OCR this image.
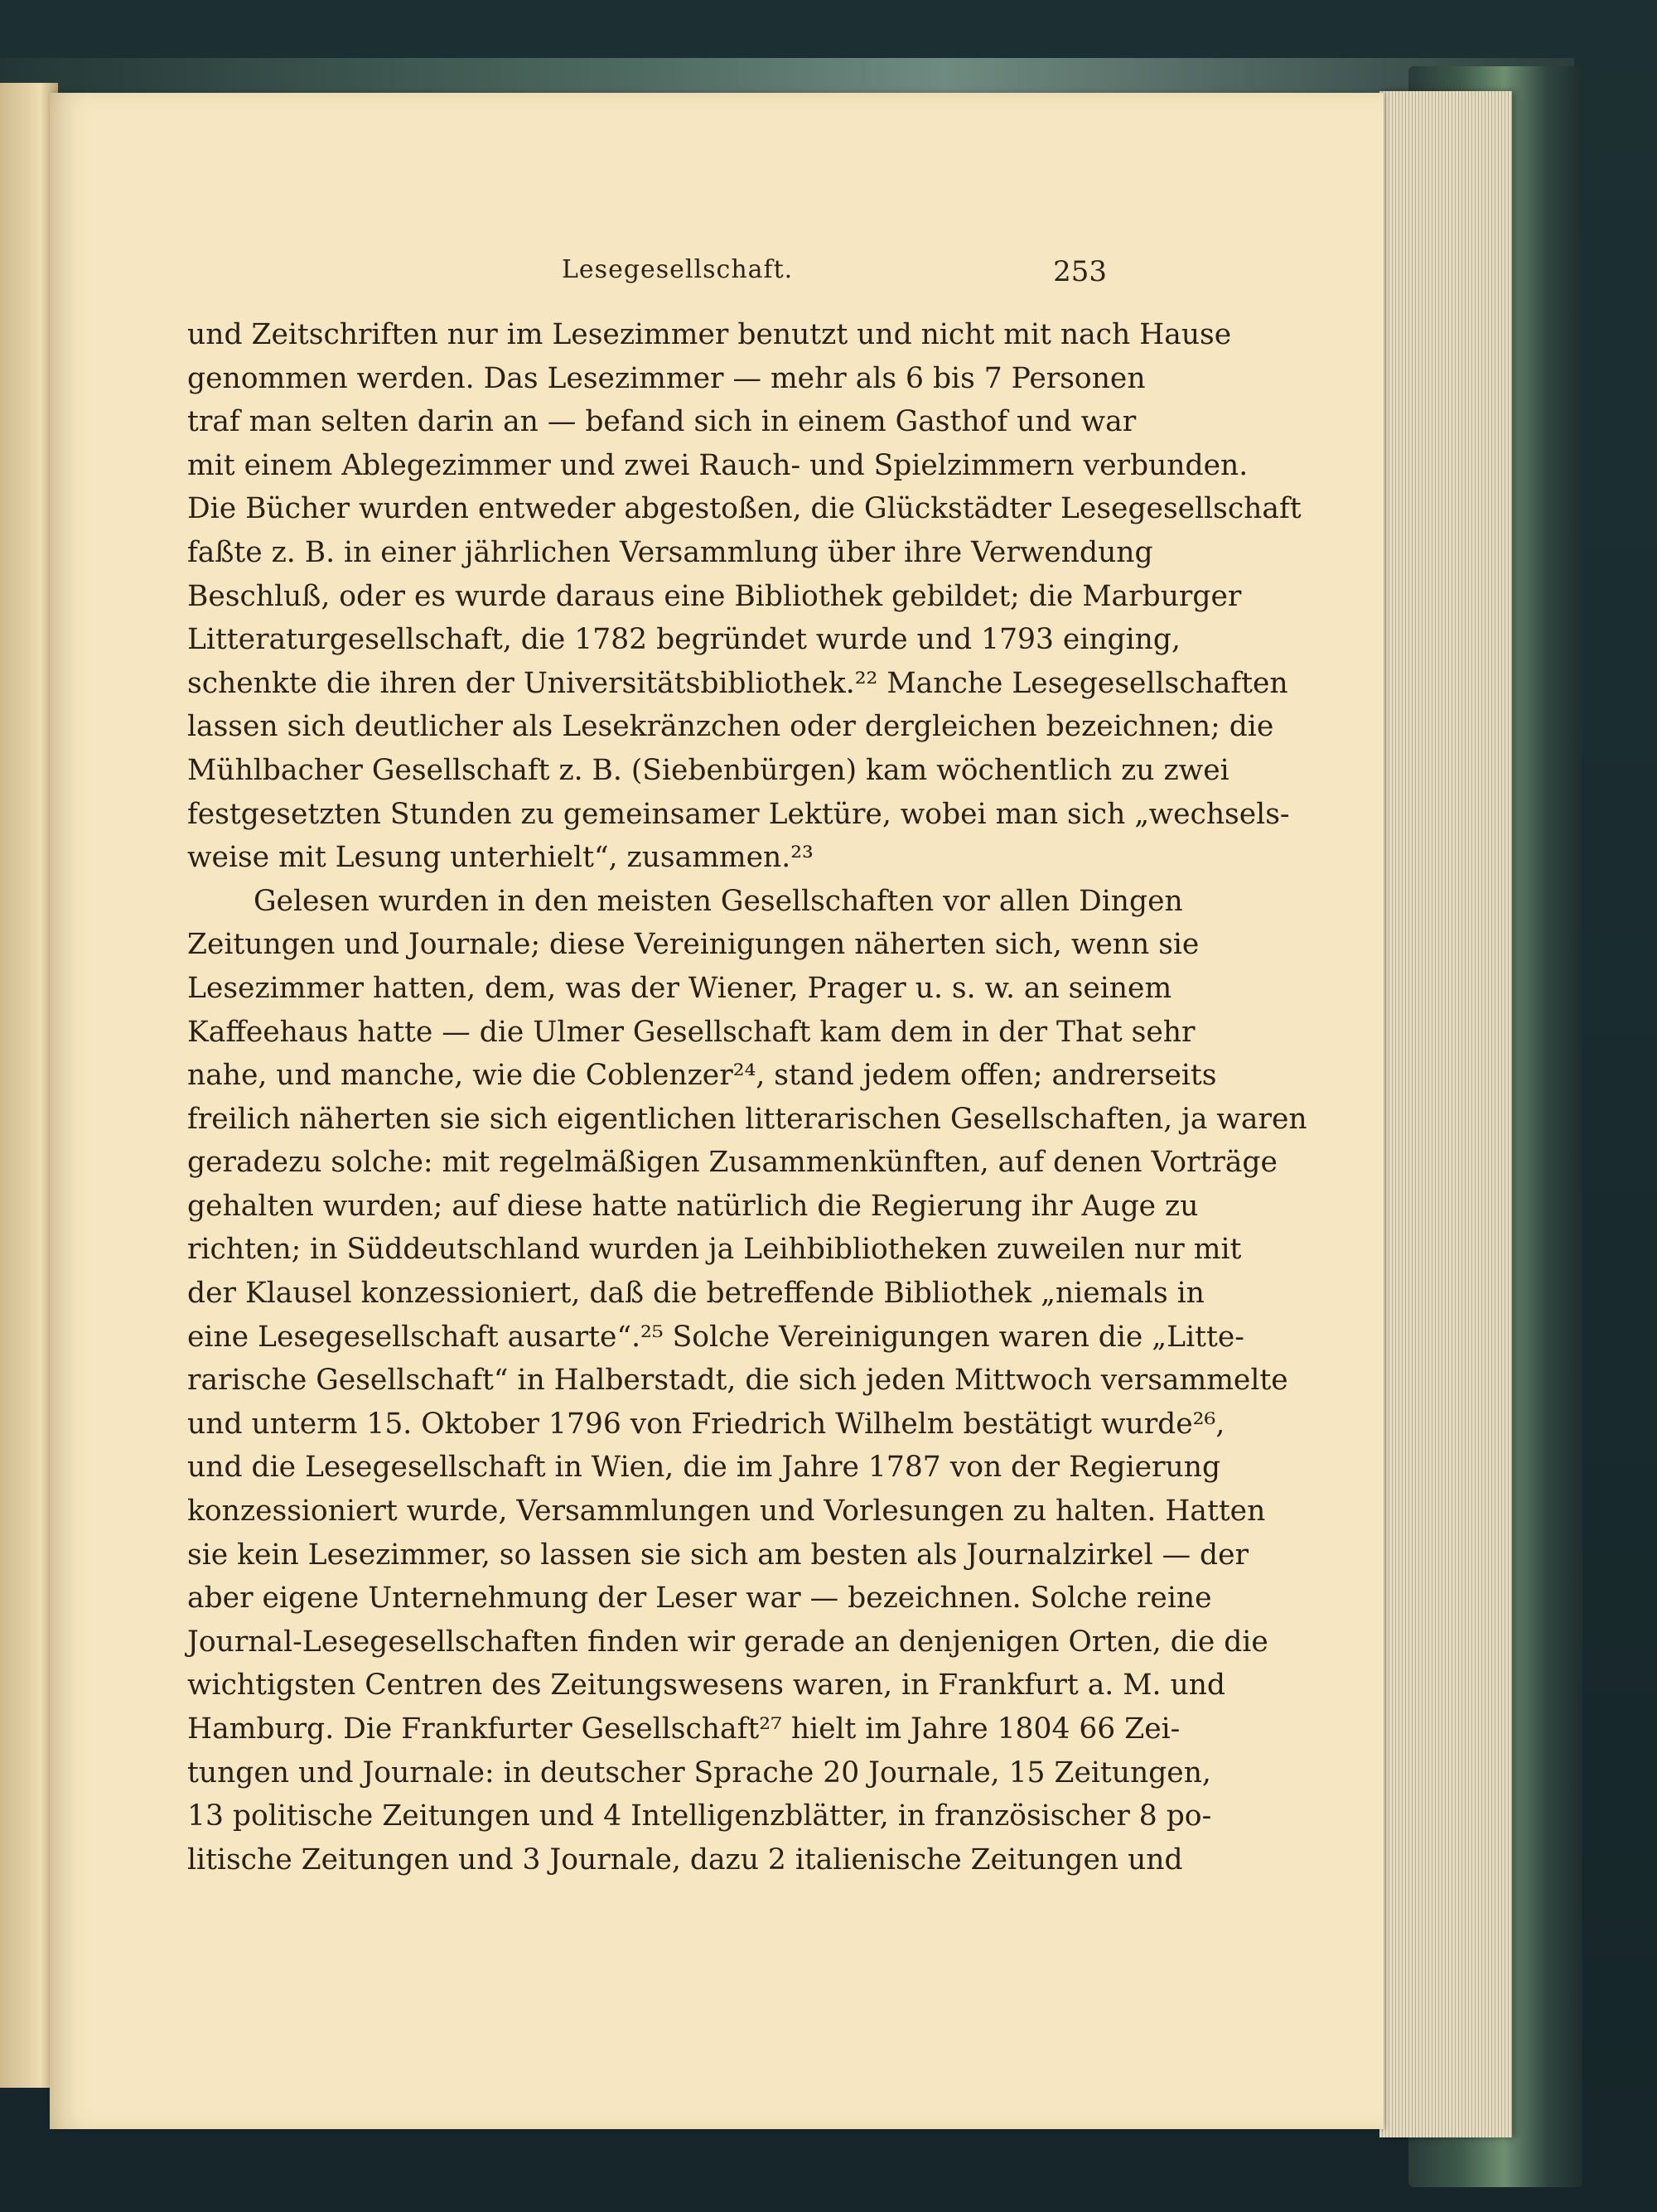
Lesegesellschaft.	253
und Zeitschriften nur im Lesezimmer benutzt und nicht mit nach Hause
genommen werden. Das Lesezimmer — mehr als 6 bis 7 Personen
traf man selten darin an — befand sich in einem Gasthof und war
mit einem Ablegezimmer und zwei Rauch- und Spielzimmern verbunden.
Die Bücher wurden entweder abgestoßen, die Glückstädter Lesegesellschaft
faßte z. B. in einer jährlichen Versammlung über ihre Verwendung
Beschluß, oder es wurde daraus eine Bibliothek gebildet; die Marburger
Litteraturgesellschaft, die 1782 begründet wurde und 1793 einging,
schenkte die ihren der Universitätsbibliothek.²² Manche Lesegesellschaften
lassen sich deutlicher als Lesekränzchen oder dergleichen bezeichnen; die
Mühlbacher Gesellschaft z. B. (Siebenbürgen) kam wöchentlich zu zwei
festgesetzten Stunden zu gemeinsamer Lektüre, wobei man sich „wechsels-
weise mit Lesung unterhielt“, zusammen.²³
Gelesen wurden in den meisten Gesellschaften vor allen Dingen
Zeitungen und Journale; diese Vereinigungen näherten sich, wenn sie
Lesezimmer hatten, dem, was der Wiener, Prager u. s. w. an seinem
Kaffeehaus hatte — die Ulmer Gesellschaft kam dem in der That sehr
nahe, und manche, wie die Coblenzer²⁴, stand jedem offen; andrerseits
freilich näherten sie sich eigentlichen litterarischen Gesellschaften, ja waren
geradezu solche: mit regelmäßigen Zusammenkünften, auf denen Vorträge
gehalten wurden; auf diese hatte natürlich die Regierung ihr Auge zu
richten; in Süddeutschland wurden ja Leihbibliotheken zuweilen nur mit
der Klausel konzessioniert, daß die betreffende Bibliothek „niemals in
eine Lesegesellschaft ausarte“.²⁵ Solche Vereinigungen waren die „Litte-
rarische Gesellschaft“ in Halberstadt, die sich jeden Mittwoch versammelte
und unterm 15. Oktober 1796 von Friedrich Wilhelm bestätigt wurde²⁶,
und die Lesegesellschaft in Wien, die im Jahre 1787 von der Regierung
konzessioniert wurde, Versammlungen und Vorlesungen zu halten. Hatten
sie kein Lesezimmer, so lassen sie sich am besten als Journalzirkel — der
aber eigene Unternehmung der Leser war — bezeichnen. Solche reine
Journal-Lesegesellschaften finden wir gerade an denjenigen Orten, die die
wichtigsten Centren des Zeitungswesens waren, in Frankfurt a. M. und
Hamburg. Die Frankfurter Gesellschaft²⁷ hielt im Jahre 1804 66 Zei-
tungen und Journale: in deutscher Sprache 20 Journale, 15 Zeitungen,
13 politische Zeitungen und 4 Intelligenzblätter, in französischer 8 po-
litische Zeitungen und 3 Journale, dazu 2 italienische Zeitungen und
